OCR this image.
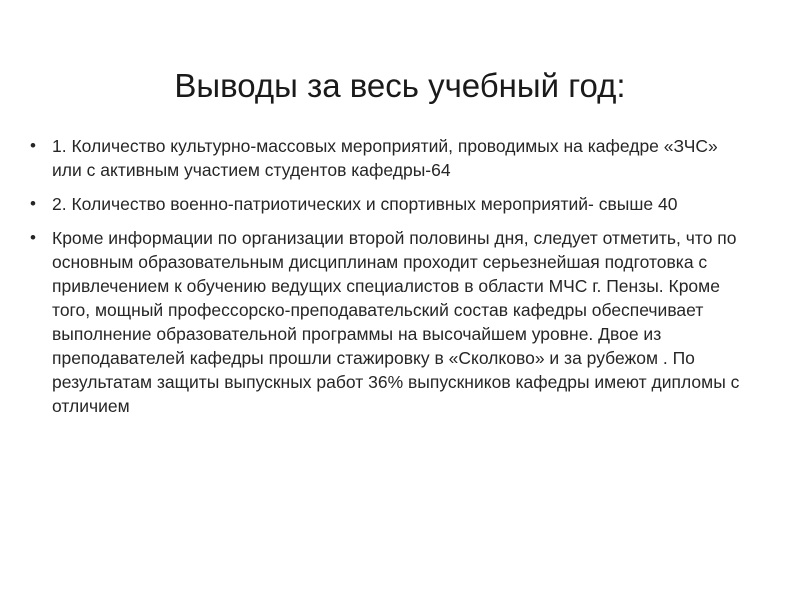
Выводы за весь учебный год:
• 1. Количество культурно-массовых мероприятий, проводимых на кафедре «ЗЧС» или с активным участием студентов кафедры-64
• 2. Количество военно-патриотических и спортивных мероприятий- свыше 40
• Кроме информации по организации второй половины дня, следует отметить, что по основным образовательным дисциплинам проходит серьезнейшая подготовка с привлечением к обучению ведущих специалистов в области МЧС г. Пензы. Кроме того, мощный профессорско-преподавательский состав кафедры обеспечивает выполнение образовательной программы на высочайшем уровне. Двое из преподавателей кафедры прошли стажировку в «Сколково» и за рубежом . По результатам защиты выпускных работ 36% выпускников кафедры имеют дипломы с отличием
